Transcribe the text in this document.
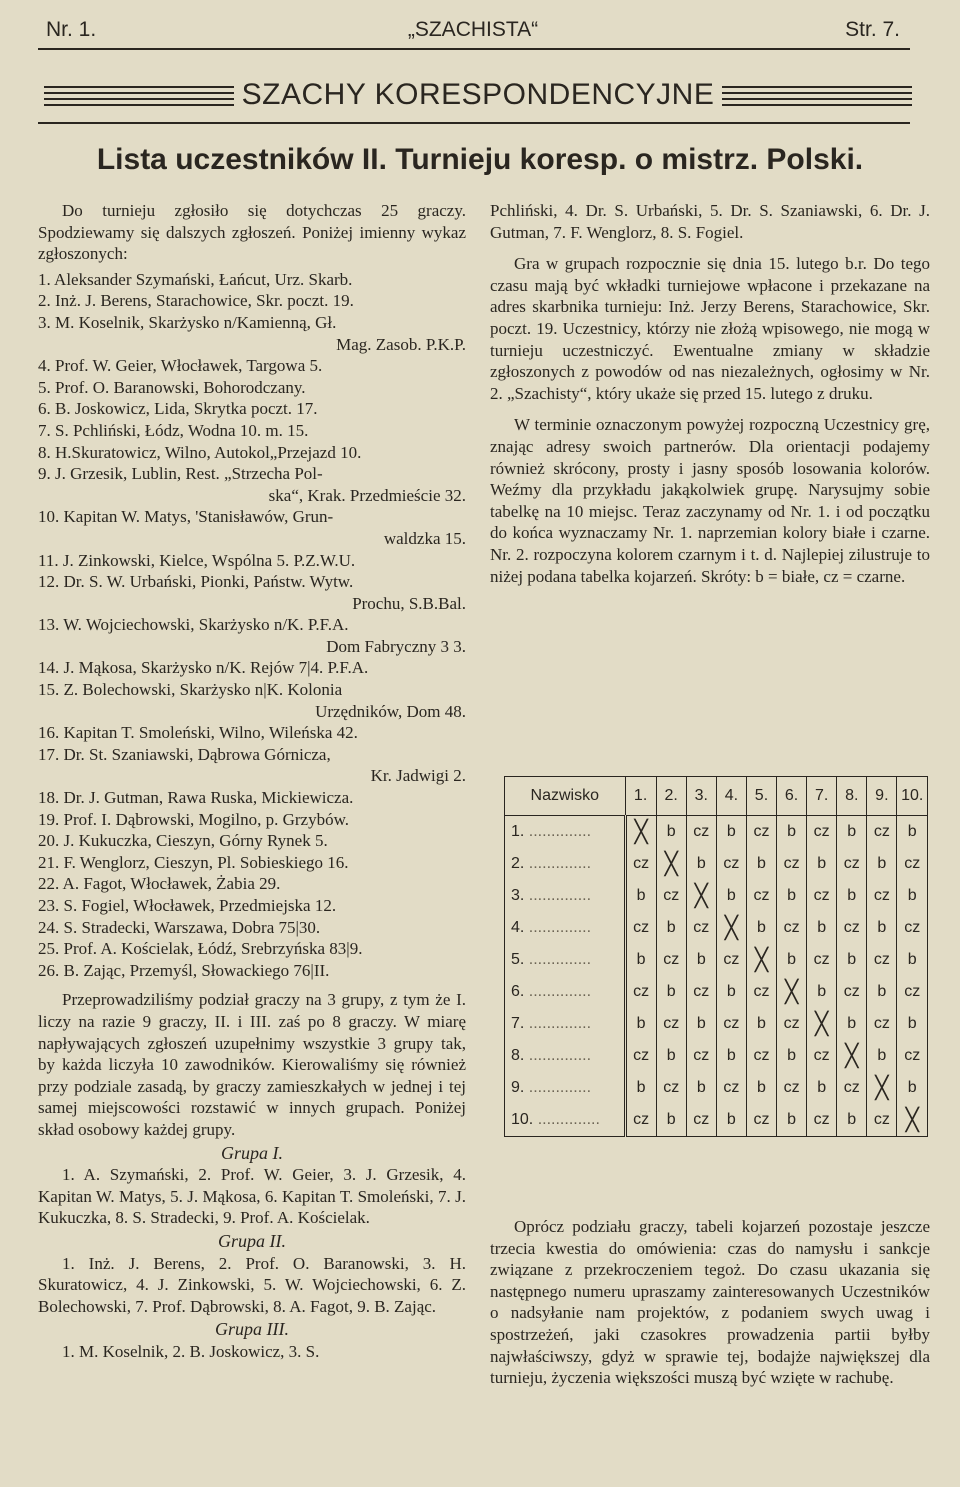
Nr. 1.	„SZACHISTA“	Str. 7.
SZACHY KORESPONDENCYJNE
Lista uczestników II. Turnieju koresp. o mistrz. Polski.

Do turnieju zgłosiło się dotychczas 25 graczy. Spodziewamy się dalszych zgłoszeń. Poniżej imienny wykaz zgłoszonych:

1. Aleksander Szymański, Łańcut, Urz. Skarb.
2. Inż. J. Berens, Starachowice, Skr. poczt. 19.
3. M. Koselnik, Skarżysko n/Kamienną, Gł.
Mag. Zasob. P.K.P.
4. Prof. W. Geier, Włocławek, Targowa 5.
5. Prof. O. Baranowski, Bohorodczany.
6. B. Joskowicz, Lida, Skrytka poczt. 17.
7. S. Pchliński, Łódz, Wodna 10. m. 15.
8. H.Skuratowicz, Wilno, Autokol„Przejazd 10.
9. J. Grzesik, Lublin, Rest. „Strzecha Pol-
ska“, Krak. Przedmieście 32.
10. Kapitan W. Matys, 'Stanisławów, Grun-
waldzka 15.
11. J. Zinkowski, Kielce, Wspólna 5. P.Z.W.U.
12. Dr. S. W. Urbański, Pionki, Państw. Wytw.
Prochu, S.B.Bal.
13. W. Wojciechowski, Skarżysko n/K. P.F.A.
Dom Fabryczny 3 3.
14. J. Mąkosa, Skarżysko n/K. Rejów 7|4. P.F.A.
15. Z. Bolechowski, Skarżysko n|K. Kolonia
Urzędników, Dom 48.
16. Kapitan T. Smoleński, Wilno, Wileńska 42.
17. Dr. St. Szaniawski, Dąbrowa Górnicza,
Kr. Jadwigi 2.
18. Dr. J. Gutman, Rawa Ruska, Mickiewicza.
19. Prof. I. Dąbrowski, Mogilno, p. Grzybów.
20. J. Kukuczka, Cieszyn, Górny Rynek 5.
21. F. Wenglorz, Cieszyn, Pl. Sobieskiego 16.
22. A. Fagot, Włocławek, Żabia 29.
23. S. Fogiel, Włocławek, Przedmiejska 12.
24. S. Stradecki, Warszawa, Dobra 75|30.
25. Prof. A. Kościelak, Łódź, Srebrzyńska 83|9.
26. B. Zając, Przemyśl, Słowackiego 76|II.

Przeprowadziliśmy podział graczy na 3 grupy, z tym że I. liczy na razie 9 graczy, II. i III. zaś po 8 graczy. W miarę napływających zgłoszeń uzupełnimy wszystkie 3 grupy tak, by każda liczyła 10 zawodników. Kierowaliśmy się również przy podziale zasadą, by graczy zamieszkałych w jednej i tej samej miejscowości rozstawić w innych grupach. Poniżej skład osobowy każdej grupy.

Grupa I.

1. A. Szymański, 2. Prof. W. Geier, 3. J. Grzesik, 4. Kapitan W. Matys, 5. J. Mąkosa, 6. Kapitan T. Smoleński, 7. J. Kukuczka, 8. S. Stradecki, 9. Prof. A. Kościelak.

Grupa II.

1. Inż. J. Berens, 2. Prof. O. Baranowski, 3. H. Skuratowicz, 4. J. Zinkowski, 5. W. Wojciechowski, 6. Z. Bolechowski, 7. Prof. Dąbrowski, 8. A. Fagot, 9. B. Zając.

Grupa III.

1. M. Koselnik, 2. B. Joskowicz, 3. S.

Pchliński, 4. Dr. S. Urbański, 5. Dr. S. Szaniawski, 6. Dr. J. Gutman, 7. F. Wenglorz, 8. S. Fogiel.

Gra w grupach rozpocznie się dnia 15. lutego b.r. Do tego czasu mają być wkładki turniejowe wpłacone i przekazane na adres skarbnika turnieju: Inż. Jerzy Berens, Starachowice, Skr. poczt. 19. Uczestnicy, którzy nie złożą wpisowego, nie mogą w turnieju uczestniczyć. Ewentualne zmiany w składzie zgłoszonych z powodów od nas niezależnych, ogłosimy w Nr. 2. „Szachisty“, który ukaże się przed 15. lutego z druku.

W terminie oznaczonym powyżej rozpoczną Uczestnicy grę, znając adresy swoich partnerów. Dla orientacji podajemy również skrócony, prosty i jasny sposób losowania kolorów. Weźmy dla przykładu jakąkolwiek grupę. Narysujmy sobie tabelkę na 10 miejsc. Teraz zaczynamy od Nr. 1. i od początku do końca wyznaczamy Nr. 1. naprzemian kolory białe i czarne. Nr. 2. rozpoczyna kolorem czarnym i t. d. Najlepiej zilustruje to niżej podana tabelka kojarzeń. Skróty: b = białe, cz = czarne.

Nazwisko	1.	2.	3.	4.	5.	6.	7.	8.	9.	10.
1. ..............	╳	b	cz	b	cz	b	cz	b	cz	b
2. ..............	cz	╳	b	cz	b	cz	b	cz	b	cz
3. ..............	b	cz	╳	b	cz	b	cz	b	cz	b
4. ..............	cz	b	cz	╳	b	cz	b	cz	b	cz
5. ..............	b	cz	b	cz	╳	b	cz	b	cz	b
6. ..............	cz	b	cz	b	cz	╳	b	cz	b	cz
7. ..............	b	cz	b	cz	b	cz	╳	b	cz	b
8. ..............	cz	b	cz	b	cz	b	cz	╳	b	cz
9. ..............	b	cz	b	cz	b	cz	b	cz	╳	b
10. ..............	cz	b	cz	b	cz	b	cz	b	cz	╳

Oprócz podziału graczy, tabeli kojarzeń pozostaje jeszcze trzecia kwestia do omówienia: czas do namysłu i sankcje związane z przekroczeniem tegoż. Do czasu ukazania się następnego numeru upraszamy zainteresowanych Uczestników o nadsyłanie nam projektów, z podaniem swych uwag i spostrzeżeń, jaki czasokres prowadzenia partii byłby najwłaściwszy, gdyż w sprawie tej, bodajże największej dla turnieju, życzenia większości muszą być wzięte w rachubę.
